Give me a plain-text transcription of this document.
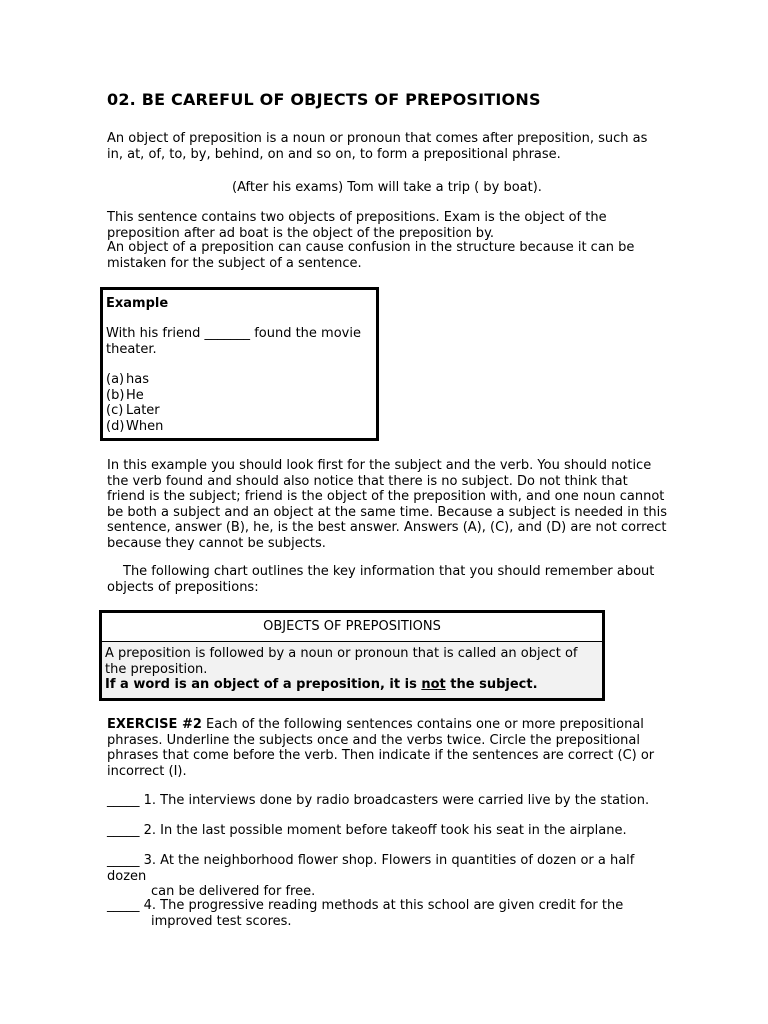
02. BE CAREFUL OF OBJECTS OF PREPOSITIONS

An object of preposition is a noun or pronoun that comes after preposition, such as in, at, of, to, by, behind, on and so on, to form a prepositional phrase.

(After his exams) Tom will take a trip ( by boat).

This sentence contains two objects of prepositions. Exam is the object of the preposition after ad boat is the object of the preposition by.

An object of a preposition can cause confusion in the structure because it can be mistaken for the subject of a sentence.

Example

With his friend _______ found the movie theater.

(a) has
(b) He
(c) Later
(d) When

In this example you should look first for the subject and the verb. You should notice the verb found and should also notice that there is no subject. Do not think that friend is the subject; friend is the object of the preposition with, and one noun cannot be both a subject and an object at the same time. Because a subject is needed in this sentence, answer (B), he, is the best answer. Answers (A), (C), and (D) are not correct because they cannot be subjects.

The following chart outlines the key information that you should remember about objects of prepositions:

OBJECTS OF PREPOSITIONS

A preposition is followed by a noun or pronoun that is called an object of the preposition.

If a word is an object of a preposition, it is not the subject.

EXERCISE #2 Each of the following sentences contains one or more prepositional phrases. Underline the subjects once and the verbs twice. Circle the prepositional phrases that come before the verb. Then indicate if the sentences are correct (C) or incorrect (I).

_____ 1. The interviews done by radio broadcasters were carried live by the station.

_____ 2. In the last possible moment before takeoff took his seat in the airplane.

_____ 3. At the neighborhood flower shop. Flowers in quantities of dozen or a half dozen
can be delivered for free.

_____ 4. The progressive reading methods at this school are given credit for the
improved test scores.
